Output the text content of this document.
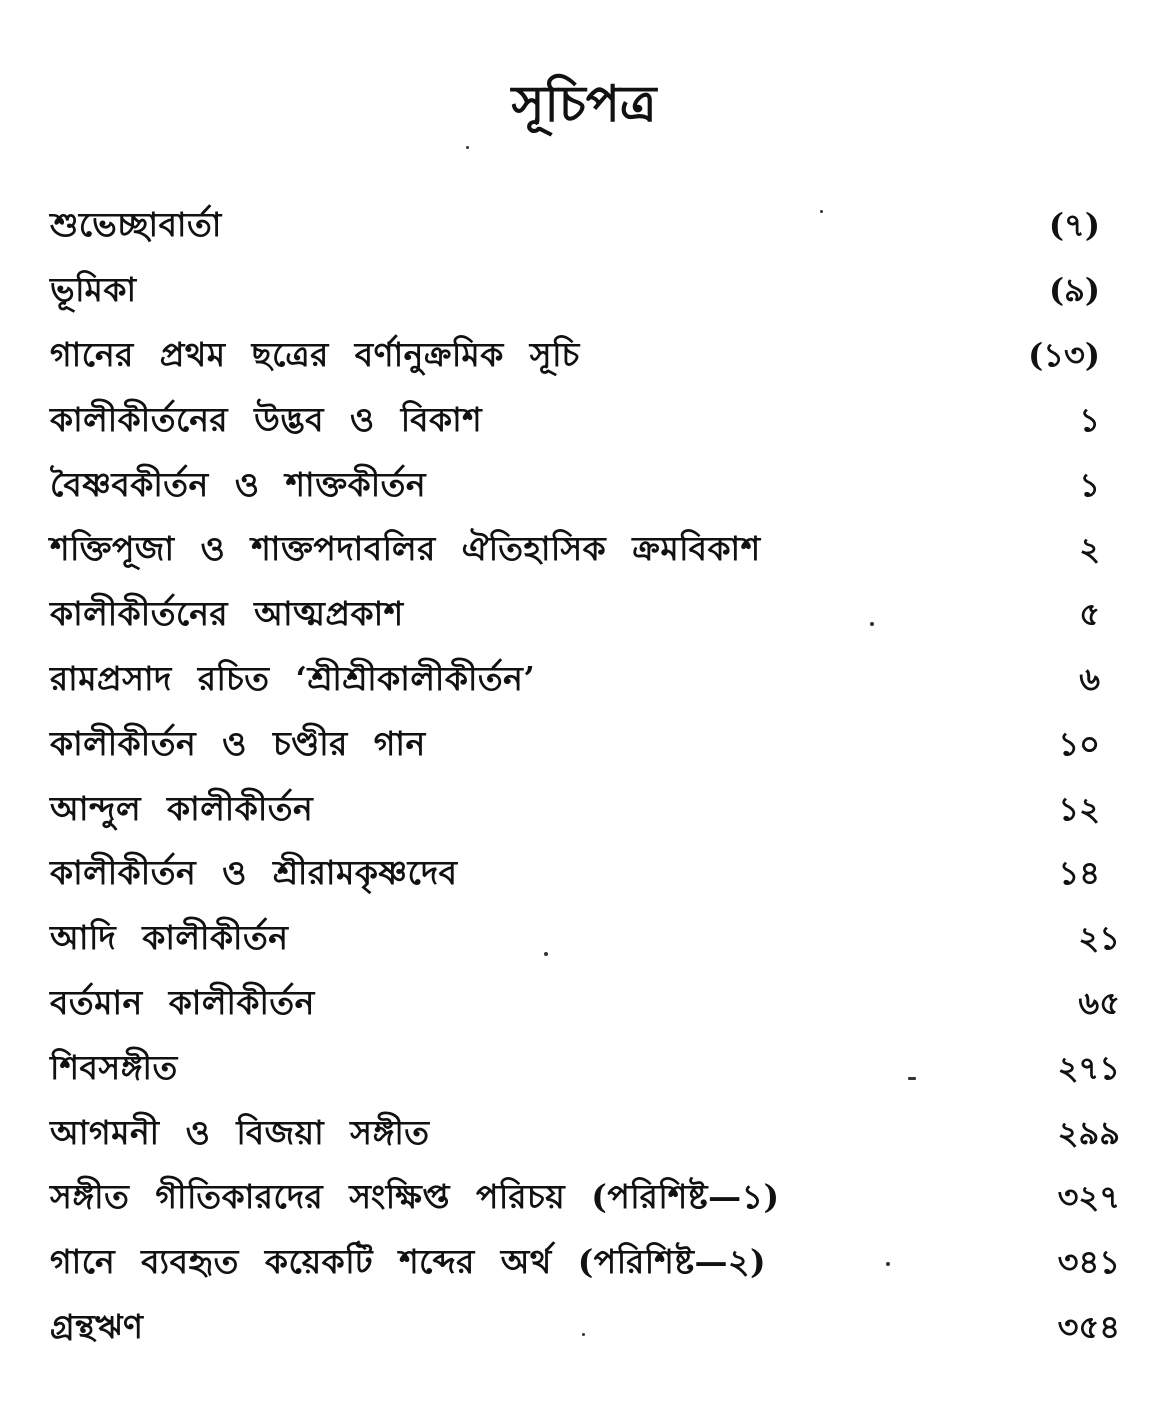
সূচিপত্র
শুভেচ্ছাবার্তা	(৭)
ভূমিকা	(৯)
গানের প্রথম ছত্রের বর্ণানুক্রমিক সূচি	(১৩)
কালীকীর্তনের উদ্ভব ও বিকাশ	১
বৈষ্ণবকীর্তন ও শাক্তকীর্তন	১
শক্তিপূজা ও শাক্তপদাবলির ঐতিহাসিক ক্রমবিকাশ	২
কালীকীর্তনের আত্মপ্রকাশ	৫
রামপ্রসাদ রচিত ‘শ্রীশ্রীকালীকীর্তন’	৬
কালীকীর্তন ও চণ্ডীর গান	১০
আন্দুল কালীকীর্তন	১২
কালীকীর্তন ও শ্রীরামকৃষ্ণদেব	১৪
আদি কালীকীর্তন	২১
বর্তমান কালীকীর্তন	৬৫
শিবসঙ্গীত	২৭১
আগমনী ও বিজয়া সঙ্গীত	২৯৯
সঙ্গীত গীতিকারদের সংক্ষিপ্ত পরিচয় (পরিশিষ্ট—১)	৩২৭
গানে ব্যবহৃত কয়েকটি শব্দের অর্থ (পরিশিষ্ট—২)	৩৪১
গ্রন্থঋণ	৩৫৪
